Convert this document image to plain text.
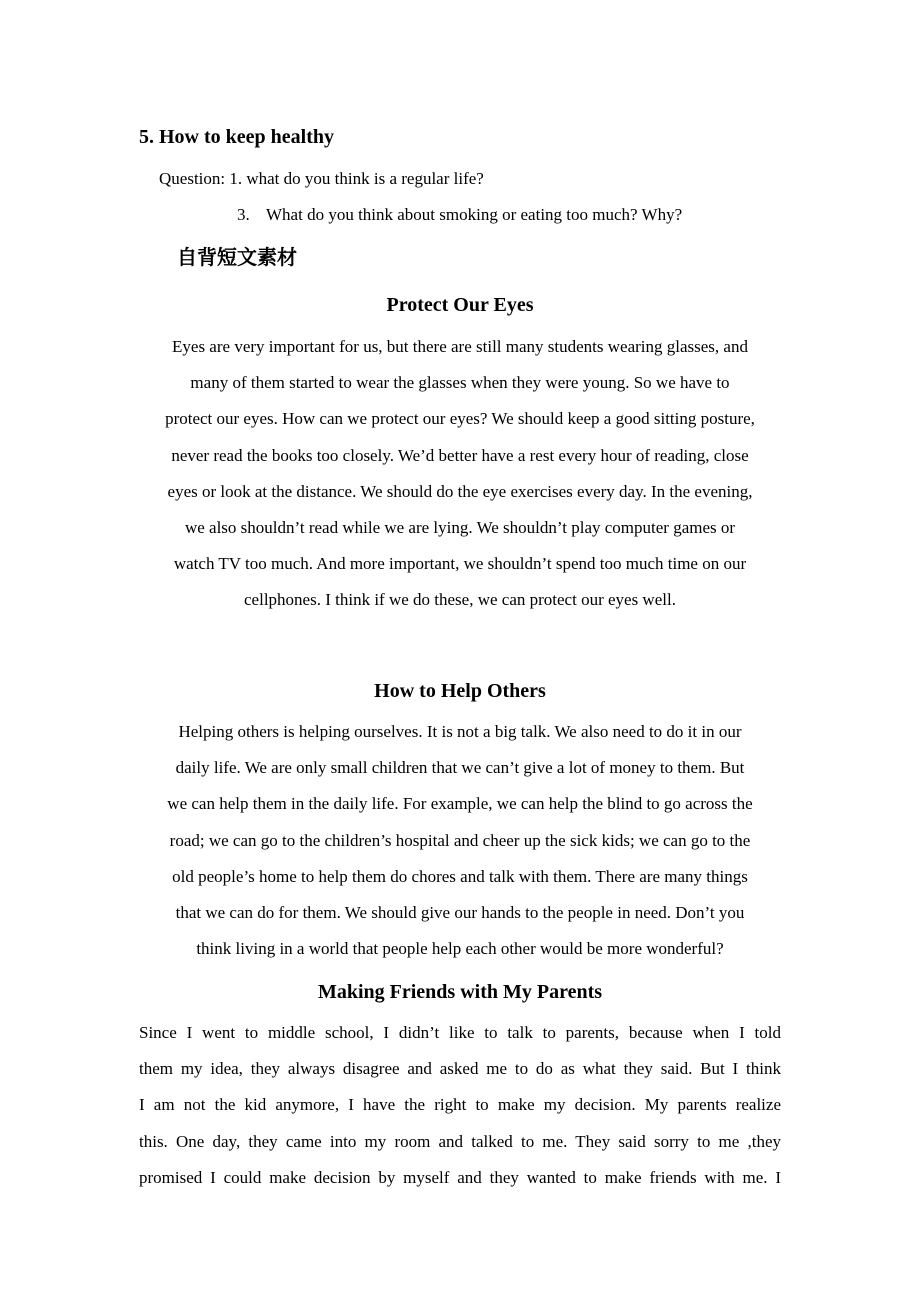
5. How to keep healthy
Question: 1. what do you think is a regular life?
3. What do you think about smoking or eating too much? Why?
自背短文素材
Protect Our Eyes
Eyes are very important for us, but there are still many students wearing glasses, and
many of them started to wear the glasses when they were young. So we have to
protect our eyes. How can we protect our eyes? We should keep a good sitting posture,
never read the books too closely. We’d better have a rest every hour of reading, close
eyes or look at the distance. We should do the eye exercises every day. In the evening,
we also shouldn’t read while we are lying. We shouldn’t play computer games or
watch TV too much. And more important, we shouldn’t spend too much time on our
cellphones. I think if we do these, we can protect our eyes well.
How to Help Others
Helping others is helping ourselves. It is not a big talk. We also need to do it in our
daily life. We are only small children that we can’t give a lot of money to them. But
we can help them in the daily life. For example, we can help the blind to go across the
road; we can go to the children’s hospital and cheer up the sick kids; we can go to the
old people’s home to help them do chores and talk with them. There are many things
that we can do for them. We should give our hands to the people in need. Don’t you
think living in a world that people help each other would be more wonderful?
Making Friends with My Parents
Since I went to middle school, I didn’t like to talk to parents, because when I told
them my idea, they always disagree and asked me to do as what they said. But I think
I am not the kid anymore, I have the right to make my decision. My parents realize
this. One day, they came into my room and talked to me. They said sorry to me ,they
promised I could make decision by myself and they wanted to make friends with me. I
